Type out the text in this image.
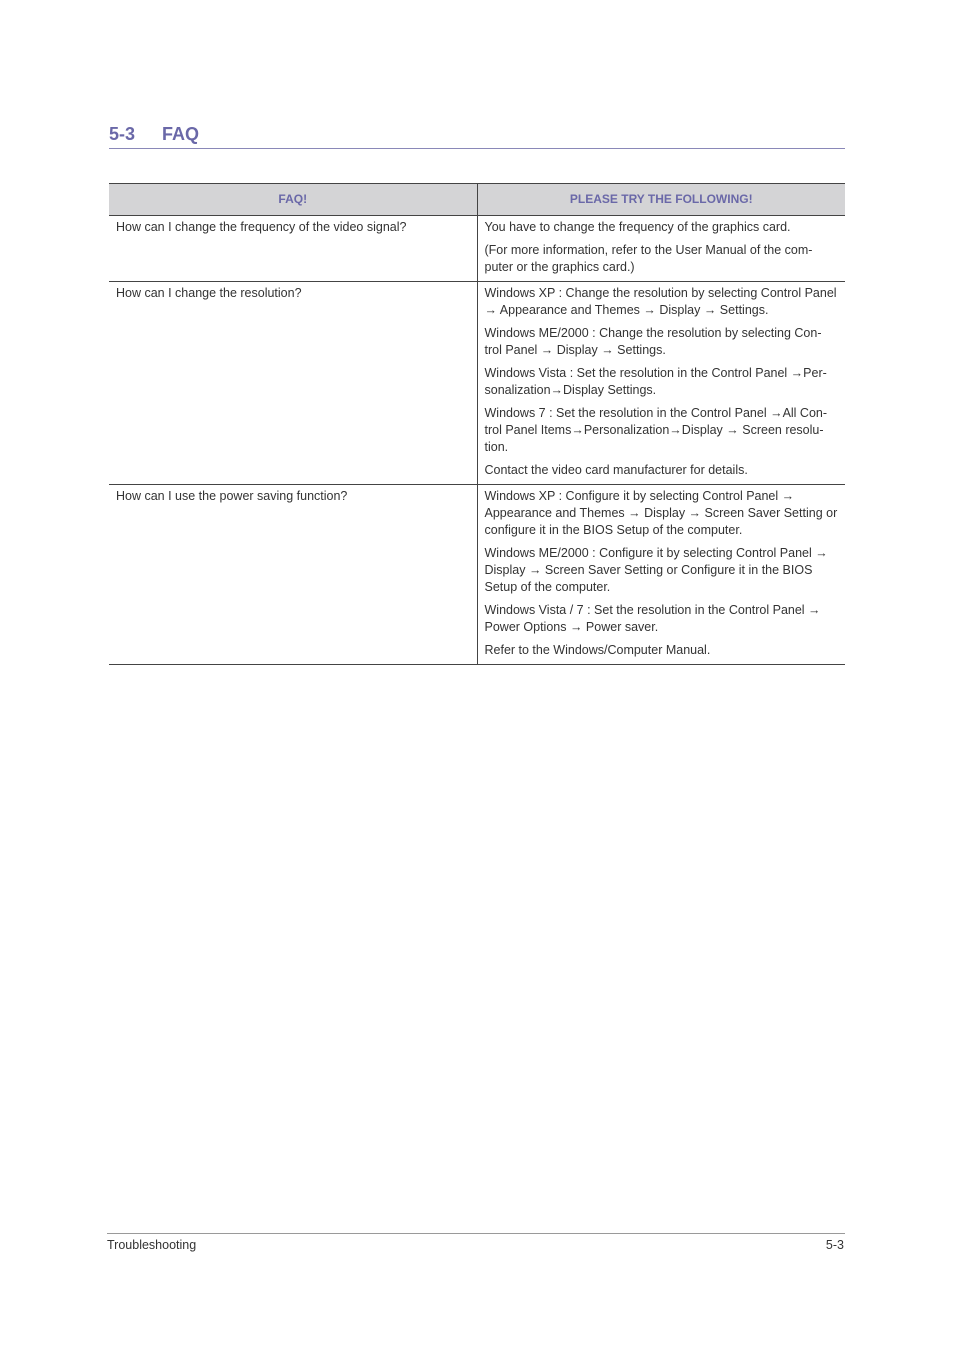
5-3 FAQ
FAQ!	PLEASE TRY THE FOLLOWING!
How can I change the frequency of the video signal?	You have to change the frequency of the graphics card.

(For more information, refer to the User Manual of the com-puter or the graphics card.)

How can I change the resolution?	Windows XP : Change the resolution by selecting Control Panel → Appearance and Themes → Display → Settings.

Windows ME/2000 : Change the resolution by selecting Con-trol Panel → Display → Settings.

Windows Vista : Set the resolution in the Control Panel →Per-sonalization→Display Settings.

Windows 7 : Set the resolution in the Control Panel →All Con-trol Panel Items→Personalization→Display → Screen resolu-tion.

Contact the video card manufacturer for details.

How can I use the power saving function?	Windows XP : Configure it by selecting Control Panel → Appearance and Themes → Display → Screen Saver Setting or configure it in the BIOS Setup of the computer.

Windows ME/2000 : Configure it by selecting Control Panel → Display → Screen Saver Setting or Configure it in the BIOS Setup of the computer.

Windows Vista / 7 : Set the resolution in the Control Panel → Power Options → Power saver.

Refer to the Windows/Computer Manual.

Troubleshooting	5-3
